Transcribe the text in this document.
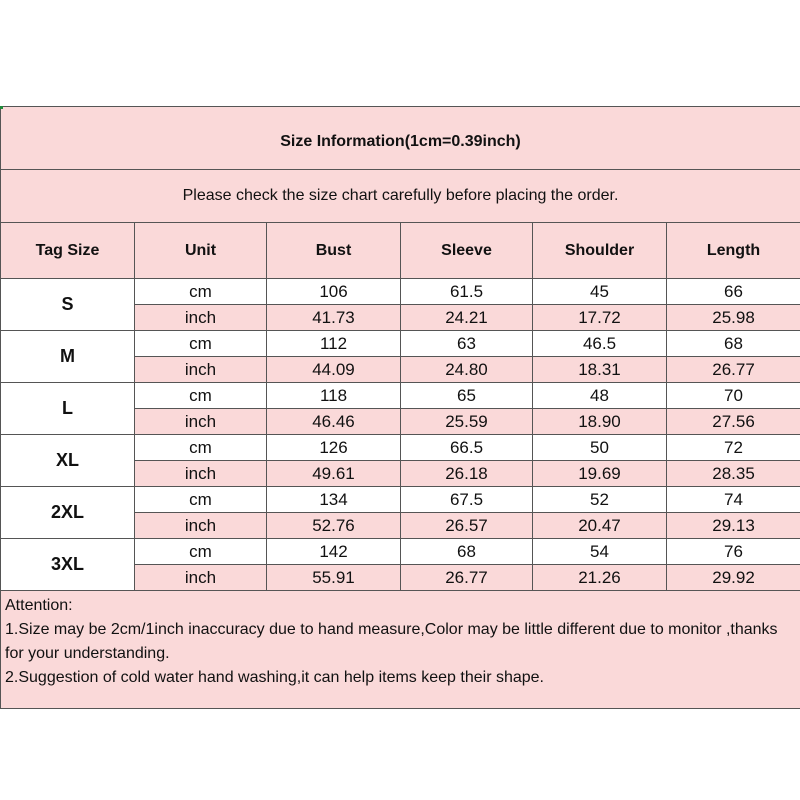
Size Information(1cm=0.39inch)					
Please check the size chart carefully before placing the order.					
Tag Size	Unit	Bust	Sleeve	Shoulder	Length
S	cm	106	61.5	45	66
	inch	41.73	24.21	17.72	25.98
M	cm	112	63	46.5	68
	inch	44.09	24.80	18.31	26.77
L	cm	118	65	48	70
	inch	46.46	25.59	18.90	27.56
XL	cm	126	66.5	50	72
	inch	49.61	26.18	19.69	28.35
2XL	cm	134	67.5	52	74
	inch	52.76	26.57	20.47	29.13
3XL	cm	142	68	54	76
	inch	55.91	26.77	21.26	29.92

Attention:
1.Size may be 2cm/1inch inaccuracy due to hand measure,Color may be little different due to monitor ,thanks for your understanding.
2.Suggestion of cold water hand washing,it can help items keep their shape.					
